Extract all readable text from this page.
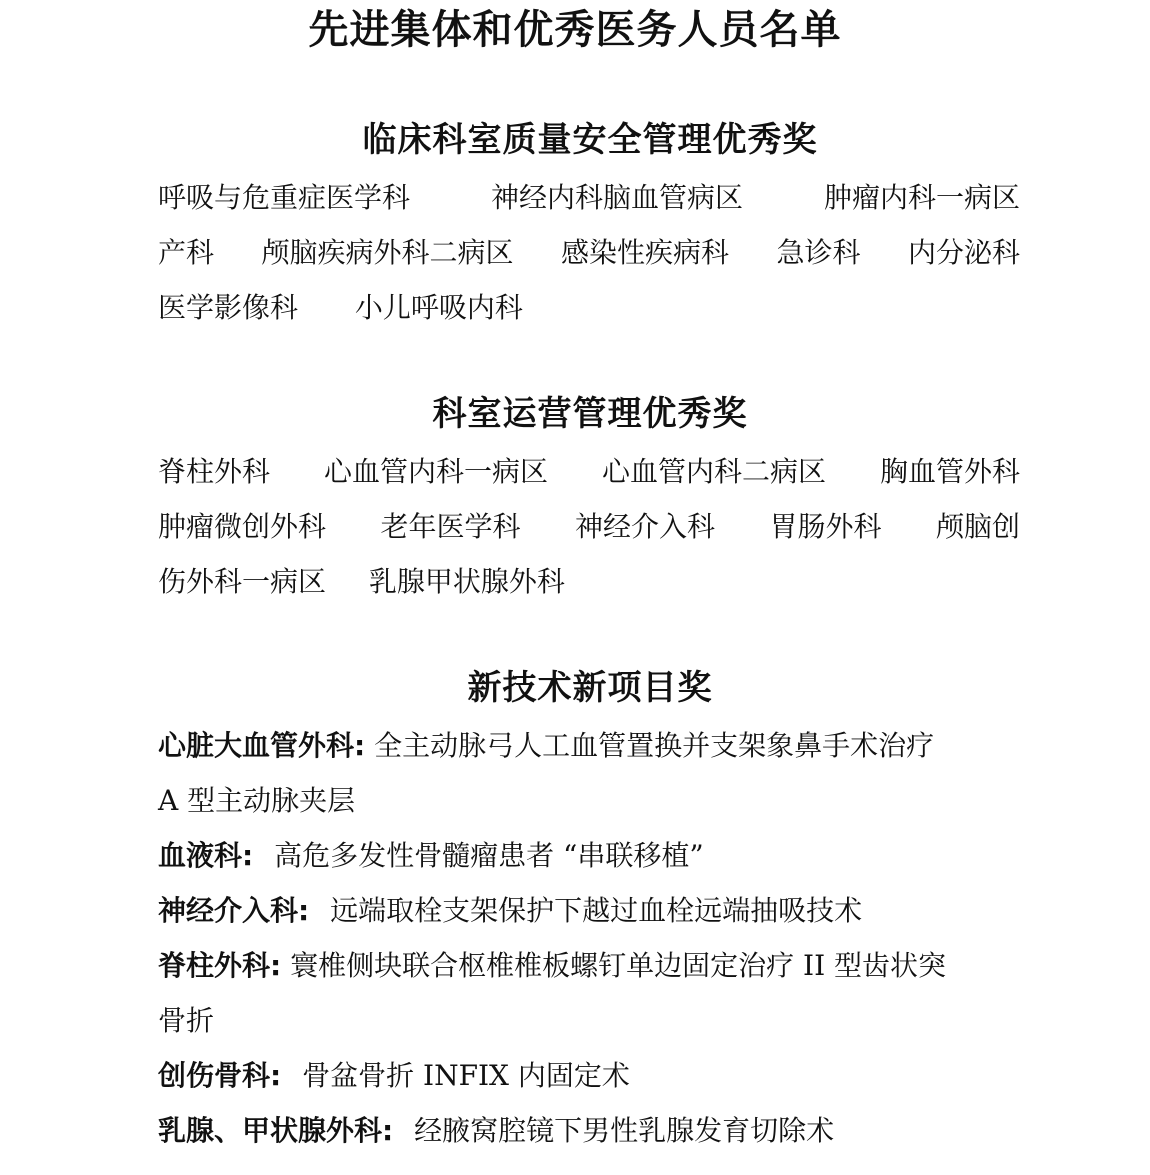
先进集体和优秀医务人员名单
临床科室质量安全管理优秀奖
呼吸与危重症医学科	神经内科脑血管病区	肿瘤内科一病区
产科 颅脑疾病外科二病区 感染性疾病科 急诊科 内分泌科
医学影像科 小儿呼吸内科
科室运营管理优秀奖
脊柱外科 心血管内科一病区 心血管内科二病区 胸血管外科
肿瘤微创外科 老年医学科 神经介入科 胃肠外科 颅脑创
伤外科一病区 乳腺甲状腺外科
新技术新项目奖
心脏大血管外科: 全主动脉弓人工血管置换并支架象鼻手术治疗
A 型主动脉夹层
血液科: 高危多发性骨髓瘤患者 “串联移植”
神经介入科: 远端取栓支架保护下越过血栓远端抽吸技术
脊柱外科: 寰椎侧块联合枢椎椎板螺钉单边固定治疗 II 型齿状突
骨折
创伤骨科: 骨盆骨折 INFIX 内固定术
乳腺、甲状腺外科: 经腋窝腔镜下男性乳腺发育切除术
